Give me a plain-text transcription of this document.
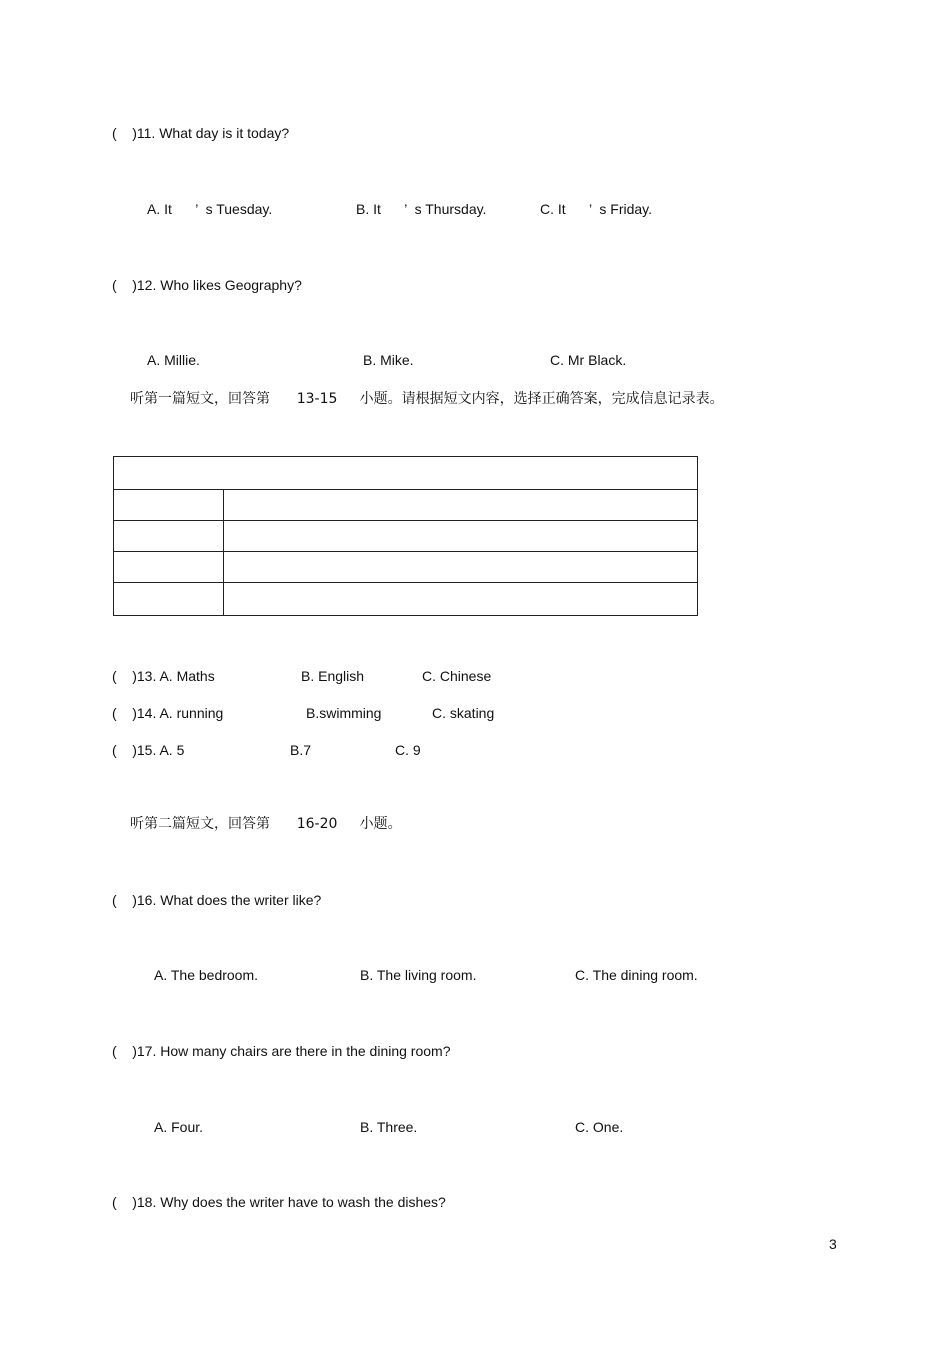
(    )11. What day is it today?
A. It      ’  s Tuesday.	B. It      ’  s Thursday.	C. It      ’  s Friday.
(    )12. Who likes Geography?
A. Millie.	B. Mike.	C. Mr Black.
听第一篇短文，回答第      13-15     小题。请根据短文内容，选择正确答案，完成信息记录表。

(    )13. A. Maths	B. English	C. Chinese
(    )14. A. running	B.swimming	C. skating
(    )15. A. 5	B.7	C. 9
听第二篇短文，回答第      16-20     小题。
(    )16. What does the writer like?
A. The bedroom.	B. The living room.	C. The dining room.
(    )17. How many chairs are there in the dining room?
A. Four.	B. Three.	C. One.
(    )18. Why does the writer have to wash the dishes?
3
